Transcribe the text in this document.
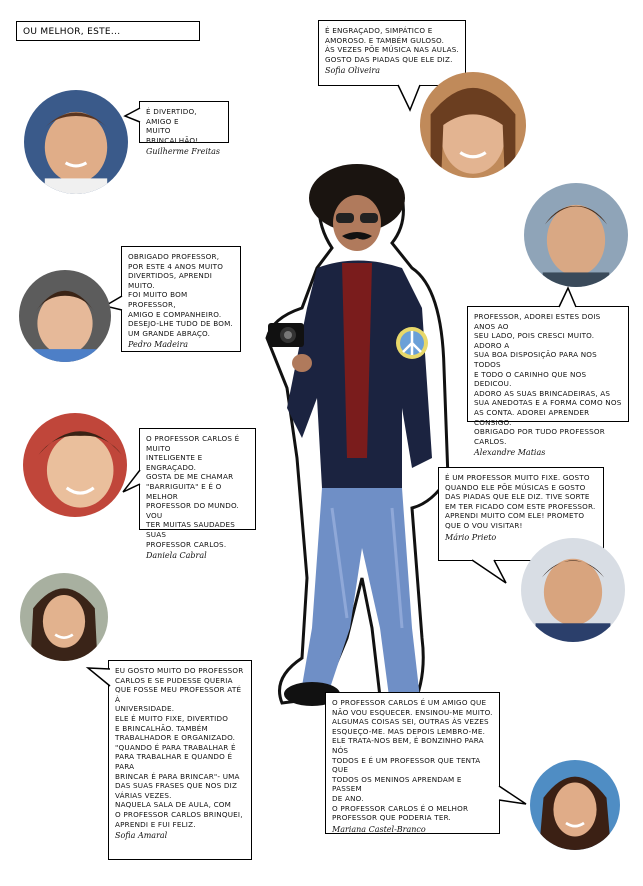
OU MELHOR, ESTE...	É ENGRAÇADO, SIMPÁTICO E
AMOROSO. E TAMBÉM GULOSO.
ÀS VEZES PÕE MÚSICA NAS AULAS.
GOSTO DAS PIADAS QUE ELE DIZ.
Sofia Oliveira
É DIVERTIDO, AMIGO E
MUITO BRINCALHÃO!
Guilherme Freitas
OBRIGADO PROFESSOR,
POR ESTE 4 ANOS MUITO
DIVERTIDOS, APRENDI MUITO.
FOI MUITO BOM PROFESSOR,
AMIGO E COMPANHEIRO.
DESEJO-LHE TUDO DE BOM.
UM GRANDE ABRAÇO.
Pedro Madeira
PROFESSOR, ADOREI ESTES DOIS ANOS AO
SEU LADO, POIS CRESCI MUITO. ADORO A
SUA BOA DISPOSIÇÃO PARA NOS TODOS
E TODO O CARINHO QUE NOS DEDICOU.
ADORO AS SUAS BRINCADEIRAS, AS
SUA ANEDOTAS E A FORMA COMO NOS
AS CONTA. ADOREI APRENDER CONSIGO.
OBRIGADO POR TUDO PROFESSOR CARLOS.
Alexandre Matias
O PROFESSOR CARLOS É MUITO
INTELIGENTE E ENGRAÇADO.
GOSTA DE ME CHAMAR
"BARRIGUITA" E É O MELHOR
PROFESSOR DO MUNDO. VOU
TER MUITAS SAUDADES SUAS
PROFESSOR CARLOS.
Daniela Cabral
É UM PROFESSOR MUITO FIXE. GOSTO
QUANDO ELE PÕE MÚSICAS E GOSTO
DAS PIADAS QUE ELE DIZ. TIVE SORTE
EM TER FICADO COM ESTE PROFESSOR.
APRENDI MUITO COM ELE! PROMETO
QUE O VOU VISITAR!
Mário Prieto
EU GOSTO MUITO DO PROFESSOR
CARLOS E SE PUDESSE QUERIA
QUE FOSSE MEU PROFESSOR ATÉ À
UNIVERSIDADE.
ELE É MUITO FIXE, DIVERTIDO
E BRINCALHÃO. TAMBÉM
TRABALHADOR E ORGANIZADO.
"QUANDO É PARA TRABALHAR É
PARA TRABALHAR E QUANDO É PARA
BRINCAR É PARA BRINCAR"- UMA
DAS SUAS FRASES QUE NOS DIZ
VÁRIAS VEZES.
NAQUELA SALA DE AULA, COM
O PROFESSOR CARLOS BRINQUEI,
APRENDI E FUI FELIZ.
Sofia Amaral
O PROFESSOR CARLOS É UM AMIGO QUE
NÃO VOU ESQUECER. ENSINOU-ME MUITO.
ALGUMAS COISAS SEI, OUTRAS ÀS VEZES
ESQUEÇO-ME. MAS DEPOIS LEMBRO-ME.
ELE TRATA-NOS BEM, É BONZINHO PARA NÓS
TODOS E É UM PROFESSOR QUE TENTA QUE
TODOS OS MENINOS APRENDAM E PASSEM
DE ANO.
O PROFESSOR CARLOS É O MELHOR
PROFESSOR QUE PODERIA TER.
Mariana Castel-Branco
